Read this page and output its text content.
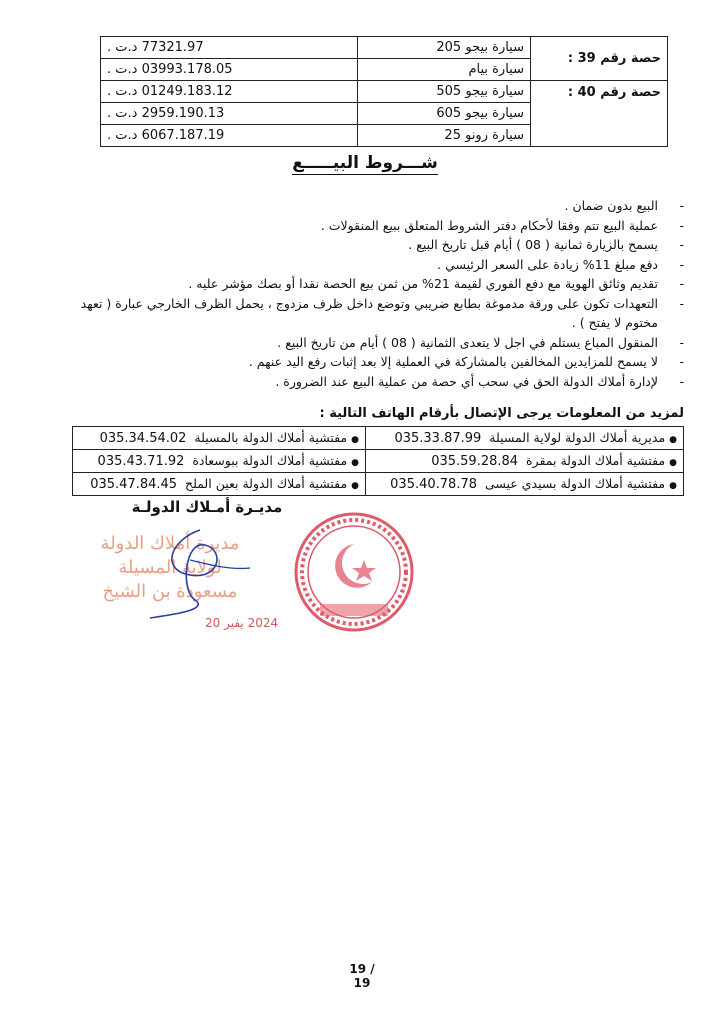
حصة رقم 39 :	سيارة بيجو 205	77321.97 د.ت .
	سيارة بيام	03993.178.05 د.ت .
حصة رقم 40 :	سيارة بيجو 505	01249.183.12 د.ت .
	سيارة بيجو 605	2959.190.13 د.ت .
	سيارة رونو 25	6067.187.19 د.ت .
شـــروط البيـــــع
-
البيع بدون ضمان .
-
عملية البيع تتم وفقا لأحكام دفتر الشروط المتعلق ببيع المنقولات .
-
يسمح بالزيارة ثمانية ( 08 ) أيام قبل تاريخ البيع .
-
دفع مبلغ 11% زيادة على السعر الرئيسي .
-
تقديم وثائق الهوية مع دفع الفوري لقيمة 21% من ثمن بيع الحصة نقدا أو بصك مؤشر عليه .
-
التعهدات تكون على ورقة مدموغة بطابع ضريبي وتوضع داخل ظرف مزدوج ، يحمل الظرف الخارجي عبارة ( تعهد مختوم لا يفتح ) .
-
المنقول المباع يستلم في اجل لا يتعدى الثمانية ( 08 ) أيام من تاريخ البيع .
-
لا يسمح للمزايدين المخالفين بالمشاركة في العملية إلا بعد إثبات رفع اليد عنهم .
-
لإدارة أملاك الدولة الحق في سحب أي حصة من عملية البيع عند الضرورة .
لمزيد من المعلومات يرجى الإتصال بأرقام الهاتف التالية :
●مديرية أملاك الدولة لولاية المسيلة  035.33.87.99	●مفتشية أملاك الدولة بالمسيلة  035.34.54.02
●مفتشية أملاك الدولة بمقرة  035.59.28.84	●مفتشية أملاك الدولة ببوسعادة  035.43.71.92
●مفتشية أملاك الدولة بسيدي عيسى  035.40.78.78	●مفتشية أملاك الدولة بعين الملح  035.47.84.45
مديـرة أمـلاك الدولـة
مديرة أملاك الدولة
لولاية المسيلة
مسعودة بن الشيخ
2024 يفير 20
19 / 19
